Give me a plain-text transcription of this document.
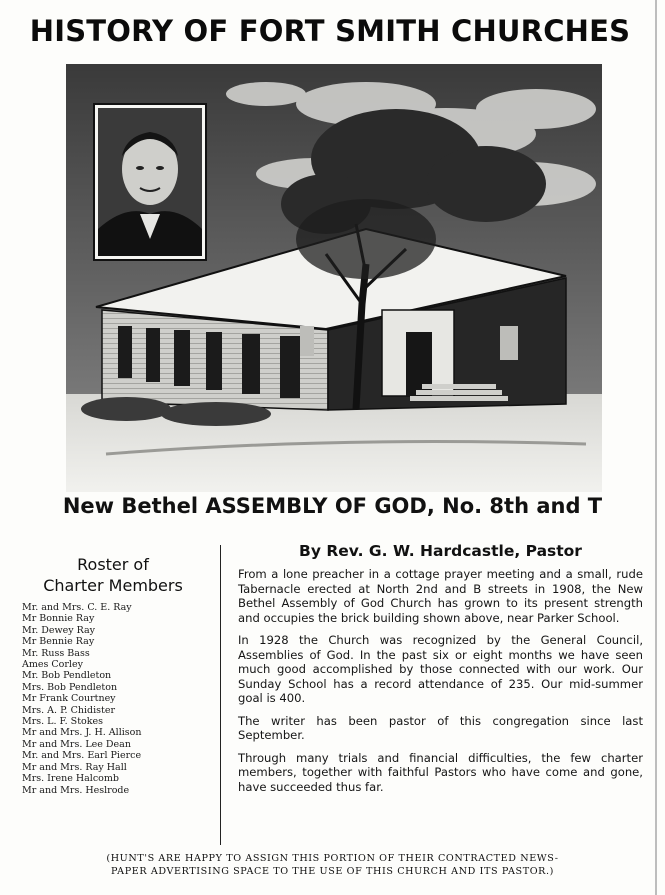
HISTORY OF FORT SMITH CHURCHES
New Bethel ASSEMBLY OF GOD, No. 8th and T
Roster of
Charter Members
Mr. and Mrs. C. E. Ray
Mr Bonnie Ray
Mr. Dewey Ray
Mr Bennie Ray
Mr. Russ Bass
Ames Corley
Mr. Bob Pendleton
Mrs. Bob Pendleton
Mr Frank Courtney
Mrs. A. P. Chidister
Mrs. L. F. Stokes
Mr and Mrs. J. H. Allison
Mr and Mrs. Lee Dean
Mr. and Mrs. Earl Pierce
Mr and Mrs. Ray Hall
Mrs. Irene Halcomb
Mr and Mrs. Heslrode
By Rev. G. W. Hardcastle, Pastor

From a lone preacher in a cottage prayer meeting and a small, rude Tabernacle erected at North 2nd and B streets in 1908, the New Bethel Assembly of God Church has grown to its present strength and occupies the brick building shown above, near Parker School.

In 1928 the Church was recognized by the General Council, Assemblies of God. In the past six or eight months we have seen much good accomplished by those connected with our work. Our Sunday School has a record attendance of 235. Our mid-summer goal is 400.

The writer has been pastor of this congregation since last September.

Through many trials and financial difficulties, the few charter members, together with faithful Pastors who have come and gone, have succeeded thus far.

(HUNT'S ARE HAPPY TO ASSIGN THIS PORTION OF THEIR CONTRACTED NEWS-
PAPER ADVERTISING SPACE TO THE USE OF THIS CHURCH AND ITS PASTOR.)
